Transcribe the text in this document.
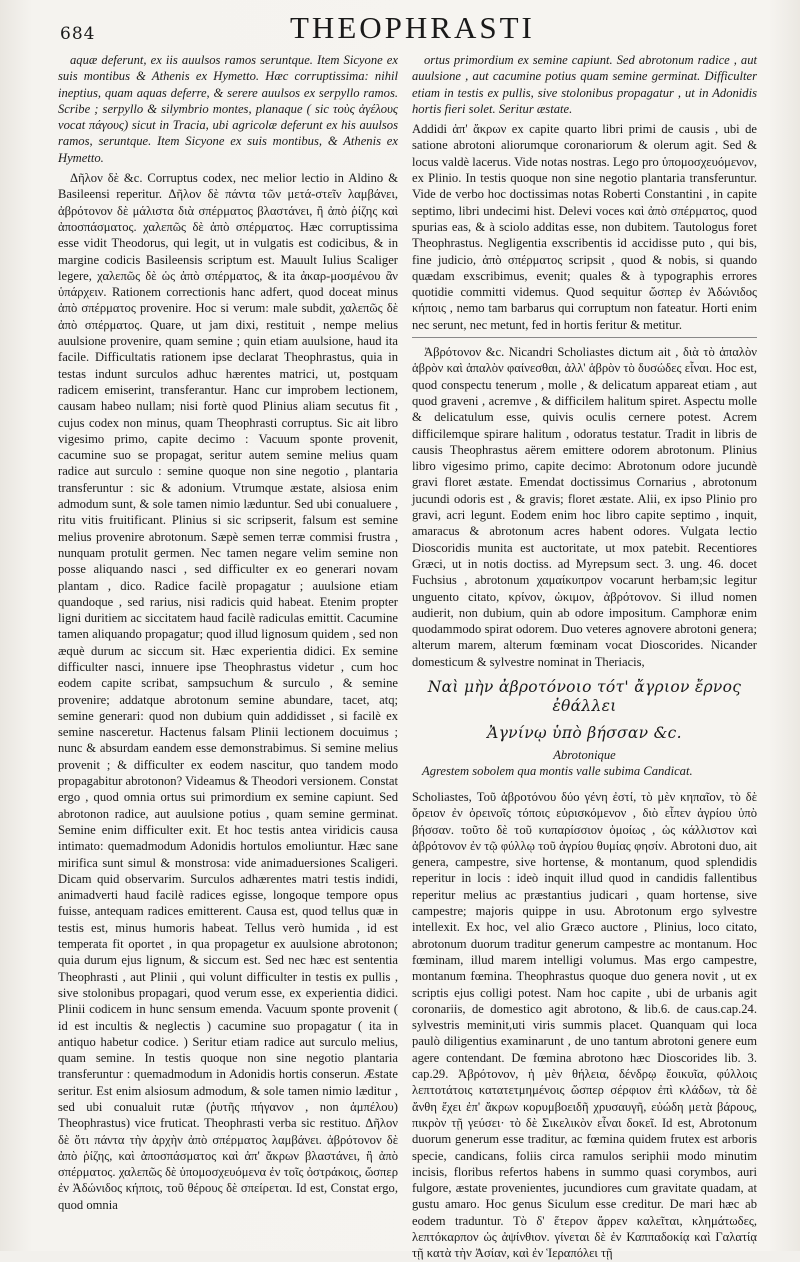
684	THEOPHRASTI

aquæ deferunt, ex iis auulsos ramos seruntque. Item Sicyone ex suis montibus & Athenis ex Hymetto. Hæc corruptissima: nihil ineptius, quam aquas deferre, & serere auulsos ex serpyllo ramos. Scribe ; serpyllo & silymbrio montes, planaque ( sic τοὺς ἀγέλους vocat πάγους) sicut in Tracia, ubi agricolæ deferunt ex his auulsos ramos, seruntque. Item Sicyone ex suis montibus, & Athenis ex Hymetto.

Δῆλον δὲ &c. Corruptus codex, nec melior lectio in Aldino & Basileensi reperitur. Δῆλον δὲ πάντα τῶν μετά-στεῖν λαμβάνει, ἀβρότονον δὲ μάλιστα διὰ σπέρματος βλαστάνει, ἢ ἀπὸ ῥίζης καὶ ἀποσπάσματος. χαλεπῶς δὲ ἀπὸ σπέρματος. Hæc corruptissima esse vidit Theodorus, qui legit, ut in vulgatis est codicibus, & in margine codicis Basileensis scriptum est. Mauult Iulius Scaliger legere, χαλεπῶς δὲ ὡς ἀπὸ σπέρματος, & ita ἀκαρ-μοσμένου ἂν ὑπάρχειν. Rationem correctionis hanc adfert, quod doceat minus ἀπὸ σπέρματος provenire. Hoc si verum: male subdit, χαλεπῶς δὲ ἀπὸ σπέρματος. Quare, ut jam dixi, restituit , nempe melius auulsione provenire, quam semine ; quin etiam auulsione, haud ita facile. Difficultatis rationem ipse declarat Theophrastus, quia in testas indunt surculos adhuc hærentes matrici, ut, postquam radicem emiserint, transferantur. Hanc cur improbem lectionem, causam habeo nullam; nisi fortè quod Plinius aliam secutus fit , cujus codex non minus, quam Theophrasti corruptus. Sic ait libro vigesimo primo, capite decimo : Vacuum sponte provenit, cacumine suo se propagat, seritur autem semine melius quam radice aut surculo : semine quoque non sine negotio , plantaria transferuntur : sic & adonium. Vtrumque æstate, alsiosa enim admodum sunt, & sole tamen nimio læduntur. Sed ubi conualuere , ritu vitis fruitificant. Plinius si sic scripserit, falsum est semine melius provenire abrotonum. Sæpè semen terræ commisi frustra , nunquam protulit germen. Nec tamen negare velim semine non posse aliquando nasci , sed difficulter ex eo generari novam plantam , dico. Radice facilè propagatur ; auulsione etiam quandoque , sed rarius, nisi radicis quid habeat. Etenim propter ligni duritiem ac siccitatem haud facilè radiculas emittit. Cacumine tamen aliquando propagatur; quod illud lignosum quidem , sed non æquè durum ac siccum sit. Hæc experientia didici. Ex semine difficulter nasci, innuere ipse Theophrastus videtur , cum hoc eodem capite scribat, sampsuchum & surculo , & semine provenire; addatque abrotonum semine abundare, tacet, atq; semine generari: quod non dubium quin addidisset , si facilè ex semine nasceretur. Hactenus falsam Plinii lectionem docuimus ; nunc & absurdam eandem esse demonstrabimus. Si semine melius provenit ; & difficulter ex eodem nascitur, quo tandem modo propagabitur abrotonon? Videamus & Theodori versionem. Constat ergo , quod omnia ortus sui primordium ex semine capiunt. Sed abrotonon radice, aut auulsione potius , quam semine germinat. Semine enim difficulter exit. Et hoc testis antea viridicis causa intimato: quemadmodum Adonidis hortulos emoliuntur. Hæc sane mirifica sunt simul & monstrosa: vide animaduersiones Scaligeri. Dicam quid observarim. Surculos adhærentes matri testis indidi, animadverti haud facilè radices egisse, longoque tempore opus fuisse, antequam radices emitterent. Causa est, quod tellus quæ in testis est, minus humoris habeat. Tellus verò humida , id est temperata fit oportet , in qua propagetur ex auulsione abrotonon; quia durum ejus lignum, & siccum est. Sed nec hæc est sententia Theophrasti , aut Plinii , qui volunt difficulter in testis ex pullis , sive stolonibus propagari, quod verum esse, ex experientia didici. Plinii codicem in hunc sensum emenda. Vacuum sponte provenit ( id est incultis & neglectis ) cacumine suo propagatur ( ita in antiquo habetur codice. ) Seritur etiam radice aut surculo melius, quam semine. In testis quoque non sine negotio plantaria transferuntur : quemadmodum in Adonidis hortis conserun. Æstate seritur. Est enim alsiosum admodum, & sole tamen nimio læditur , sed ubi conualuit rutæ (ῥυτῆς πήγανον , non ἀμπέλου) Theophrastus) vice fruticat. Theophrasti verba sic restituo. Δῆλον δὲ ὅτι πάντα τὴν ἀρχὴν ἀπὸ σπέρματος λαμβάνει. ἀβρότονον δὲ ἀπὸ ῥίζης, καὶ ἀποσπάσματος καὶ ἀπ' ἄκρων βλαστάνει, ἢ ἀπὸ σπέρματος. χαλεπῶς δὲ ὑπομοσχευόμενα ἐν τοῖς ὀστράκοις, ὥσπερ ἐν Ἀδώνιδος κήποις, τοῦ θέρους δὲ σπείρεται. Id est, Constat ergo, quod omnia

ortus primordium ex semine capiunt. Sed abrotonum radice , aut auulsione , aut cacumine potius quam semine germinat. Difficulter etiam in testis ex pullis, sive stolonibus propagatur , ut in Adonidis hortis fieri solet. Seritur æstate.

Addidi ἀπ' ἄκρων ex capite quarto libri primi de causis , ubi de satione abrotoni aliorumque coronariorum & olerum agit. Sed & locus valdè lacerus. Vide notas nostras. Lego pro ὑπομοσχευόμενον, ex Plinio. In testis quoque non sine negotio plantaria transferuntur. Vide de verbo hoc doctissimas notas Roberti Constantini , in capite septimo, libri undecimi hist. Delevi voces καὶ ἀπὸ σπέρματος, quod spurias eas, & à sciolo additas esse, non dubitem. Tautologus foret Theophrastus. Negligentia exscribentis id accidisse puto , qui bis, fine judicio, ἀπὸ σπέρματος scripsit , quod & nobis, si quando quædam exscribimus, evenit; quales & à typographis errores quotidie committi videmus. Quod sequitur ὥσπερ ἐν Ἀδώνιδος κήποις , nemo tam barbarus qui corruptum non fateatur. Horti enim nec serunt, nec metunt, fed in hortis feritur & metitur.

Ἀβρότονον &c. Nicandri Scholiastes dictum ait , διὰ τὸ ἁπαλὸν ἁβρὸν καὶ ἁπαλὸν φαίνεσθαι, ἀλλ' ἁβρὸν τὸ δυσώδες εἶναι. Hoc est, quod conspectu tenerum , molle , & delicatum appareat etiam , aut quod graveni , acremve , & difficilem halitum spiret. Aspectu molle & delicatulum esse, quivis oculis cernere potest. Acrem difficilemque spirare halitum , odoratus testatur. Tradit in libris de causis Theophrastus aërem emittere odorem abrotonum. Plinius libro vigesimo primo, capite decimo: Abrotonum odore jucundè gravi floret æstate. Emendat doctissimus Cornarius , abrotonum jucundi odoris est , & gravis; floret æstate. Alii, ex ipso Plinio pro gravi, acri legunt. Eodem enim hoc libro capite septimo , inquit, amaracus & abrotonum acres habent odores. Vulgata lectio Dioscoridis munita est auctoritate, ut mox patebit. Recentiores Græci, ut in notis doctiss. ad Myrepsum sect. 3. ung. 46. docet Fuchsius , abrotonum χαμαίκυπρον vocarunt herbam;sic legitur unguento citato, κρίνον, ὠκιμον, ἀβρότονον. Si illud nomen audierit, non dubium, quin ab odore impositum. Camphoræ enim quodammodo spirat odorem. Duo veteres agnovere abrotoni genera; alterum marem, alterum fœminam vocat Dioscorides. Nicander domesticum & sylvestre nominat in Theriacis,

Ναὶ μὴν ἀβροτόνοιο τότ' ἄγριον ἔρνος ἐθάλλει
Ἀγνίνῳ ὑπὸ βήσσαν &c.
Abrotonique
Agrestem sobolem qua montis valle subima Candicat.

Scholiastes, Τοῦ ἀβροτόνου δύο γένη ἐστί, τὸ μὲν κηπαῖον, τὸ δὲ ὄρειον ἐν ὀρεινοῖς τόποις εὑρισκόμενον , διὸ εἶπεν ἀγρίου ὑπὸ βήσσαν. τοῦτο δὲ τοῦ κυπαρίσσιον ὁμοίως , ὡς κάλλιστον καὶ ἀβρότονον ἐν τῷ φύλλῳ τοῦ ἀγρίου θυμίας φησίν. Abrotoni duo, ait genera, campestre, sive hortense, & montanum, quod splendidis reperitur in locis : ideò inquit illud quod in candidis fallentibus reperitur melius ac præstantius judicari , quam hortense, sive campestre; majoris quippe in usu. Abrotonum ergo sylvestre intellexit. Ex hoc, vel alio Græco auctore , Plinius, loco citato, abrotonum duorum traditur generum campestre ac montanum. Hoc fœminam, illud marem intelligi volumus. Mas ergo campestre, montanum fœmina. Theophrastus quoque duo genera novit , ut ex scriptis ejus colligi potest. Nam hoc capite , ubi de urbanis agit coronariis, de domestico agit abrotono, & lib.6. de caus.cap.24. sylvestris meminit,uti viris summis placet. Quanquam qui loca paulò diligentius examinarunt , de uno tantum abrotoni genere eum agere contendant. De fœmina abrotono hæc Dioscorides lib. 3. cap.29. Ἀβρότονον, ἡ μὲν θήλεια, δένδρῳ ἔοικυῖα, φύλλοις λεπτοτάτοις κατατετμημένοις ὥσπερ σέρφιον ἐπὶ κλάδων, τὰ δὲ ἄνθη ἔχει ἐπ' ἄκρων κορυμβοειδῆ χρυσαυγῆ, εὐώδη μετὰ βάρους, πικρὸν τῇ γεύσει· τὸ δὲ Σικελικὸν εἶναι δοκεῖ. Id est, Abrotonum duorum generum esse traditur, ac fœmina quidem frutex est arboris specie, candicans, foliis circa ramulos seriphii modo minutim incisis, floribus refertos habens in summo quasi corymbos, auri fulgore, æstate provenientes, jucundiores cum gravitate quadam, at gustu amaro. Hoc genus Siculum esse creditur. De mari hæc ab eodem traduntur. Τὸ δ' ἕτερον ἄρρεν καλεῖται, κλημάτωδες, λεπτόκαρπον ὡς ἀψίνθιον. γίνεται δὲ ἐν Καππαδοκίᾳ καὶ Γαλατίᾳ τῇ κατὰ τὴν Ἀσίαν, καὶ ἐν Ἱεραπόλει τῇ
